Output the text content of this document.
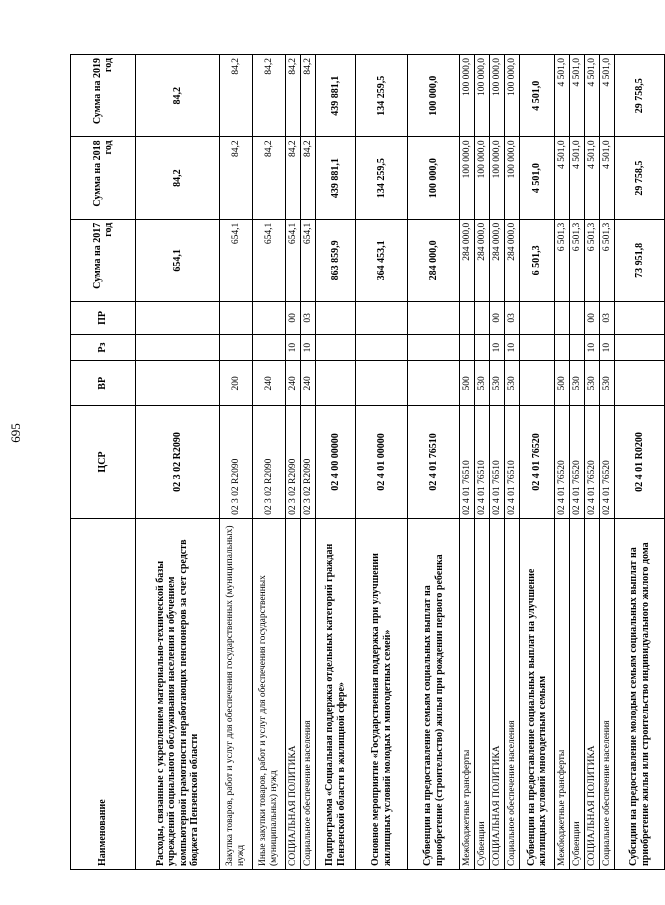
695
Наименование	ЦСР	ВР	Рз	ПР	Сумма на 2017 год	Сумма на 2018 год	Сумма на 2019 год
Расходы, связанные с укреплением материально-технической базы учреждений социального обслуживания населения и обучением компьютерной грамотности неработающих пенсионеров за счет средств бюджета Пензенской области	02 3 02 R2090				654,1	84,2	84,2
Закупка товаров, работ и услуг для обеспечения государственных (муниципальных) нужд	02 3 02 R2090	200			654,1	84,2	84,2
Иные закупки товаров, работ и услуг для обеспечения государственных (муниципальных) нужд	02 3 02 R2090	240			654,1	84,2	84,2
СОЦИАЛЬНАЯ ПОЛИТИКА	02 3 02 R2090	240	10	00	654,1	84,2	84,2
Социальное обеспечение населения	02 3 02 R2090	240	10	03	654,1	84,2	84,2
Подпрограмма «Социальная поддержка отдельных категорий граждан Пензенской области в жилищной сфере»	02 4 00 00000				863 859,9	439 881,1	439 881,1
Основное мероприятие «Государственная поддержка при улучшении жилищных условий молодых и многодетных семей»	02 4 01 00000				364 453,1	134 259,5	134 259,5
Субвенции на предоставление семьям социальных выплат на приобретение (строительство) жилья при рождении первого ребенка	02 4 01 76510				284 000,0	100 000,0	100 000,0
Межбюджетные трансферты	02 4 01 76510	500			284 000,0	100 000,0	100 000,0
Субвенции	02 4 01 76510	530			284 000,0	100 000,0	100 000,0
СОЦИАЛЬНАЯ ПОЛИТИКА	02 4 01 76510	530	10	00	284 000,0	100 000,0	100 000,0
Социальное обеспечение населения	02 4 01 76510	530	10	03	284 000,0	100 000,0	100 000,0
Субвенции на предоставление социальных выплат на улучшение жилищных условий многодетным семьям	02 4 01 76520				6 501,3	4 501,0	4 501,0
Межбюджетные трансферты	02 4 01 76520	500			6 501,3	4 501,0	4 501,0
Субвенции	02 4 01 76520	530			6 501,3	4 501,0	4 501,0
СОЦИАЛЬНАЯ ПОЛИТИКА	02 4 01 76520	530	10	00	6 501,3	4 501,0	4 501,0
Социальное обеспечение населения	02 4 01 76520	530	10	03	6 501,3	4 501,0	4 501,0
Субсидии на предоставление молодым семьям социальных выплат на приобретение жилья или строительство индивидуального жилого дома	02 4 01 R0200				73 951,8	29 758,5	29 758,5
